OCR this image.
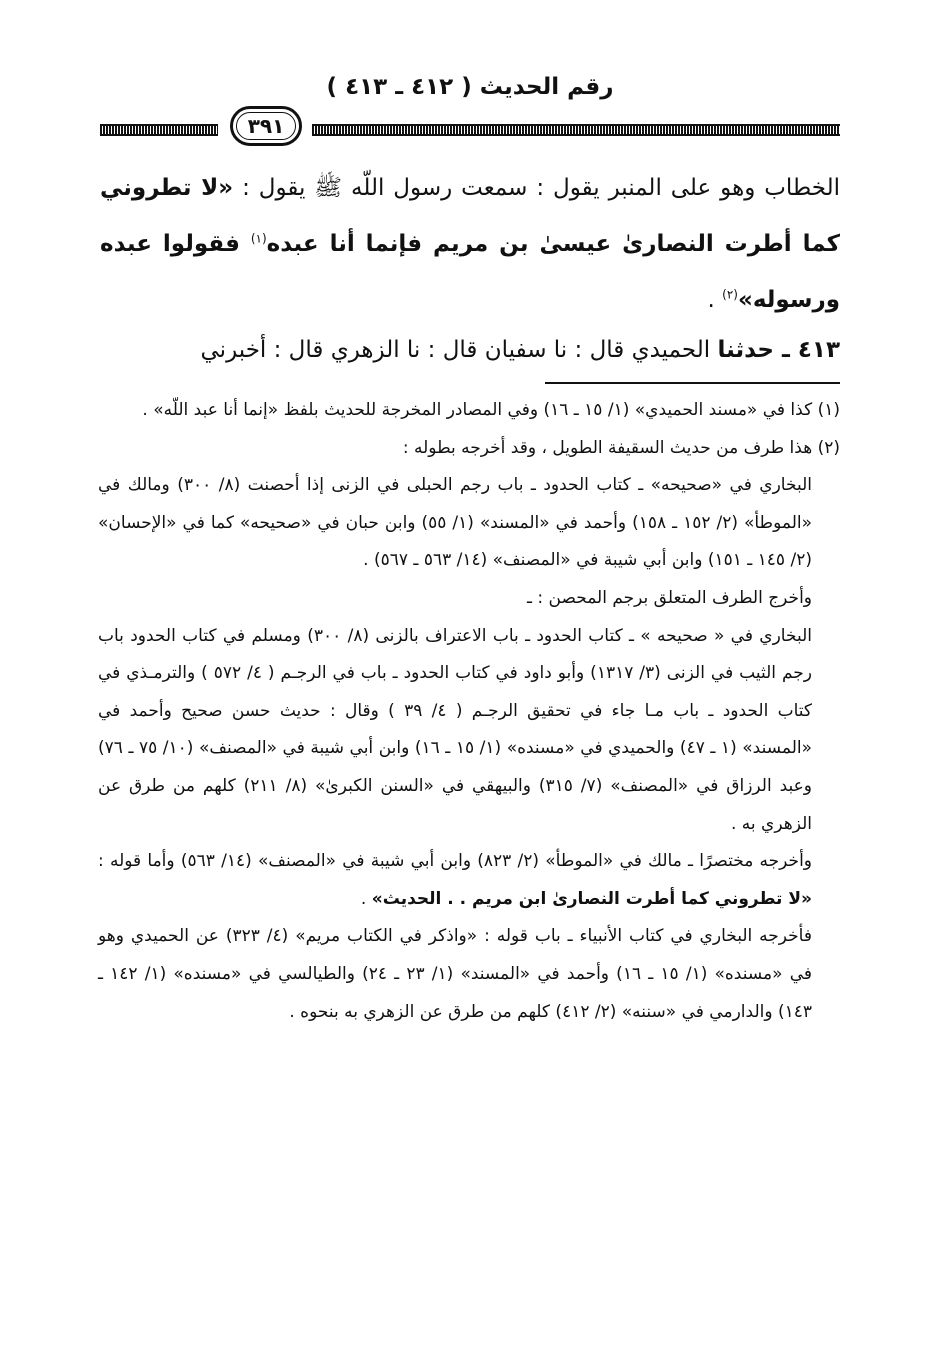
رقم الحديث ( ٤١٢ ـ ٤١٣ )
٣٩١
الخطاب وهو على المنبر يقول : سمعت رسول اللّه ﷺ يقول : «لا تطروني كما أطرت النصارىٰ عيسىٰ بن مريم فإنما أنا عبده$^{(١)}$ فقولوا عبده ورسوله»$^{(٢)}$ .
٤١٣ ـ حدثنا الحميدي قال : نا سفيان قال : نا الزهري قال : أخبرني

(١) كذا في «مسند الحميدي» (١/ ١٥ ـ ١٦) وفي المصادر المخرجة للحديث بلفظ «إنما أنا عبد اللّه» .

(٢) هذا طرف من حديث السقيفة الطويل ، وقد أخرجه بطوله :

البخاري في «صحيحه» ـ كتاب الحدود ـ باب رجم الحبلى في الزنى إذا أحصنت (٨/ ٣٠٠) ومالك في «الموطأ» (٢/ ١٥٢ ـ ١٥٨) وأحمد في «المسند» (١/ ٥٥) وابن حبان في «صحيحه» كما في «الإحسان» (٢/ ١٤٥ ـ ١٥١) وابن أبي شيبة في «المصنف» (١٤/ ٥٦٣ ـ ٥٦٧) .

وأخرج الطرف المتعلق برجم المحصن : ـ

البخاري في « صحيحه » ـ كتاب الحدود ـ باب الاعتراف بالزنى (٨/ ٣٠٠) ومسلم في كتاب الحدود باب رجم الثيب في الزنى (٣/ ١٣١٧) وأبو داود في كتاب الحدود ـ باب في الرجـم ( ٤/ ٥٧٢ ) والترمـذي في كتاب الحدود ـ باب مـا جاء في تحقيق الرجـم ( ٤/ ٣٩ ) وقال : حديث حسن صحيح وأحمد في «المسند» (١ ـ ٤٧) والحميدي في «مسنده» (١/ ١٥ ـ ١٦) وابن أبي شيبة في «المصنف» (١٠/ ٧٥ ـ ٧٦) وعبد الرزاق في «المصنف» (٧/ ٣١٥) والبيهقي في «السنن الكبرىٰ» (٨/ ٢١١) كلهم من طرق عن الزهري به .

وأخرجه مختصرًا ـ مالك في «الموطأ» (٢/ ٨٢٣) وابن أبي شيبة في «المصنف» (١٤/ ٥٦٣) وأما قوله : «لا تطروني كما أطرت النصارىٰ ابن مريم . . الحديث» .

فأخرجه البخاري في كتاب الأنبياء ـ باب قوله : «واذكر في الكتاب مريم» (٤/ ٣٢٣) عن الحميدي وهو في «مسنده» (١/ ١٥ ـ ١٦) وأحمد في «المسند» (١/ ٢٣ ـ ٢٤) والطيالسي في «مسنده» (١/ ١٤٢ ـ ١٤٣) والدارمي في «سننه» (٢/ ٤١٢) كلهم من طرق عن الزهري به بنحوه .
